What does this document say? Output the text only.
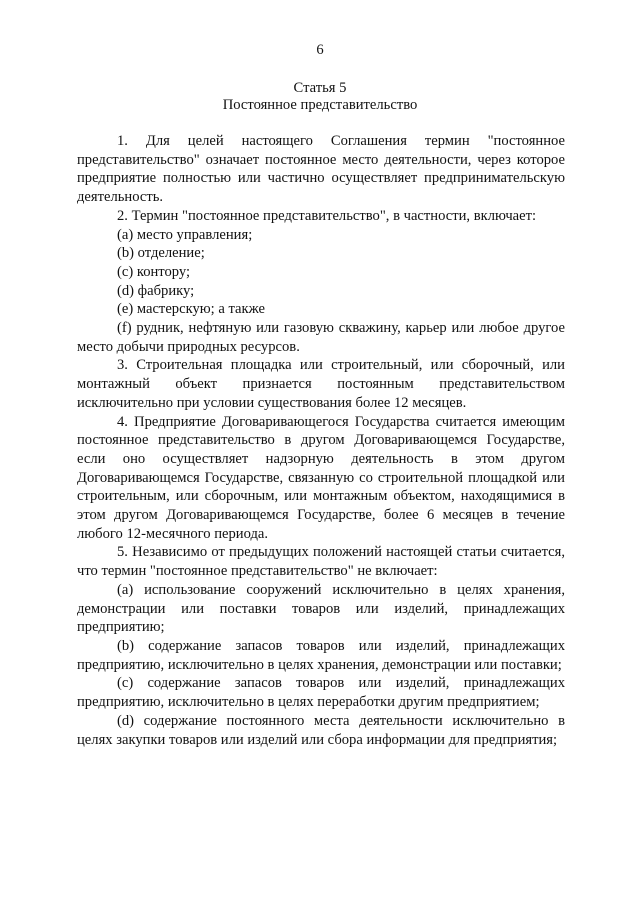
6
Статья 5
Постоянное представительство

1. Для целей настоящего Соглашения термин "постоянное представительство" означает постоянное место деятельности, через которое предприятие полностью или частично осуществляет предпринимательскую деятельность.

2. Термин "постоянное представительство", в частности, включает:

(a) место управления;

(b) отделение;

(c) контору;

(d) фабрику;

(e) мастерскую; а также

(f) рудник, нефтяную или газовую скважину, карьер или любое другое место добычи природных ресурсов.

3. Строительная площадка или строительный, или сборочный, или монтажный объект признается постоянным представительством исключительно при условии существования более 12 месяцев.

4. Предприятие Договаривающегося Государства считается имеющим постоянное представительство в другом Договаривающемся Государстве, если оно осуществляет надзорную деятельность в этом другом Договаривающемся Государстве, связанную со строительной площадкой или строительным, или сборочным, или монтажным объектом, находящимися в этом другом Договаривающемся Государстве, более 6 месяцев в течение любого 12-месячного периода.

5. Независимо от предыдущих положений настоящей статьи считается, что термин "постоянное представительство" не включает:

(a) использование сооружений исключительно в целях хранения, демонстрации или поставки товаров или изделий, принадлежащих предприятию;

(b) содержание запасов товаров или изделий, принадлежащих предприятию, исключительно в целях хранения, демонстрации или поставки;

(c) содержание запасов товаров или изделий, принадлежащих предприятию, исключительно в целях переработки другим предприятием;

(d) содержание постоянного места деятельности исключительно в целях закупки товаров или изделий или сбора информации для предприятия;
